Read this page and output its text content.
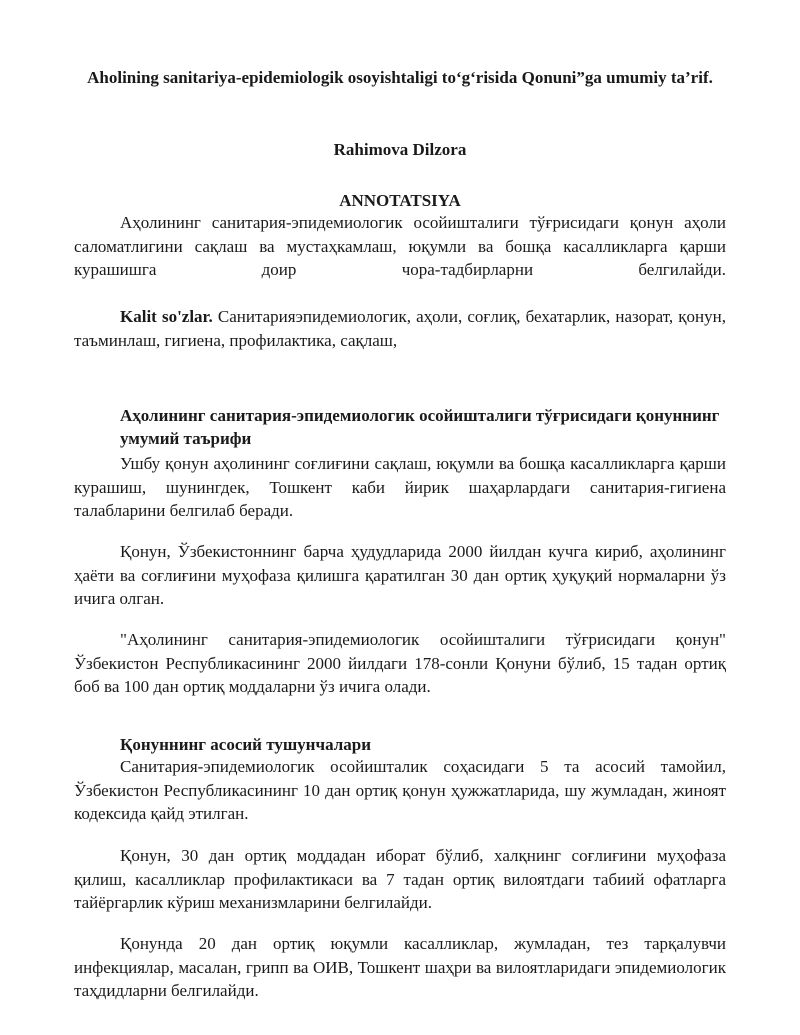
Aholining sanitariya-epidemiologik osoyishtaligi to‘g‘risida Qonuni”ga umumiy ta’rif.
Rahimova Dilzora
ANNOTATSIYA
Аҳолининг санитария-эпидемиологик осойишталиги тўғрисидаги қонун аҳоли саломатлигини сақлаш ва мустаҳкамлаш, юқумли ва бошқа касалликларга қарши курашишга доир чора-тадбирларни белгилайди.
Kalit so'zlar. Санитарияэпидемиологик, аҳоли, соғлиқ, бехатарлик, назорат, қонун, таъминлаш, гигиена, профилактика, сақлаш,
Аҳолининг санитария-эпидемиологик осойишталиги тўғрисидаги қонуннинг умумий таърифи
Ушбу қонун аҳолининг соғлиғини сақлаш, юқумли ва бошқа касалликларга қарши курашиш, шунингдек, Тошкент каби йирик шаҳарлардаги санитария-гигиена талабларини белгилаб беради.
Қонун, Ўзбекистоннинг барча ҳудудларида 2000 йилдан кучга кириб, аҳолининг ҳаёти ва соғлиғини муҳофаза қилишга қаратилган 30 дан ортиқ ҳуқуқий нормаларни ўз ичига олган.
"Аҳолининг санитария-эпидемиологик осойишталиги тўғрисидаги қонун" Ўзбекистон Республикасининг 2000 йилдаги 178-сонли Қонуни бўлиб, 15 тадан ортиқ боб ва 100 дан ортиқ моддаларни ўз ичига олади.
Қонуннинг асосий тушунчалари
Санитария-эпидемиологик осойишталик соҳасидаги 5 та асосий тамойил, Ўзбекистон Республикасининг 10 дан ортиқ қонун ҳужжатларида, шу жумладан, жиноят кодексида қайд этилган.
Қонун, 30 дан ортиқ моддадан иборат бўлиб, халқнинг соғлиғини муҳофаза қилиш, касалликлар профилактикаси ва 7 тадан ортиқ вилоятдаги табиий офатларга тайёргарлик кўриш механизмларини белгилайди.
Қонунда 20 дан ортиқ юқумли касалликлар, жумладан, тез тарқалувчи инфекциялар, масалан, грипп ва ОИВ, Тошкент шаҳри ва вилоятларидаги эпидемиологик таҳдидларни белгилайди.
